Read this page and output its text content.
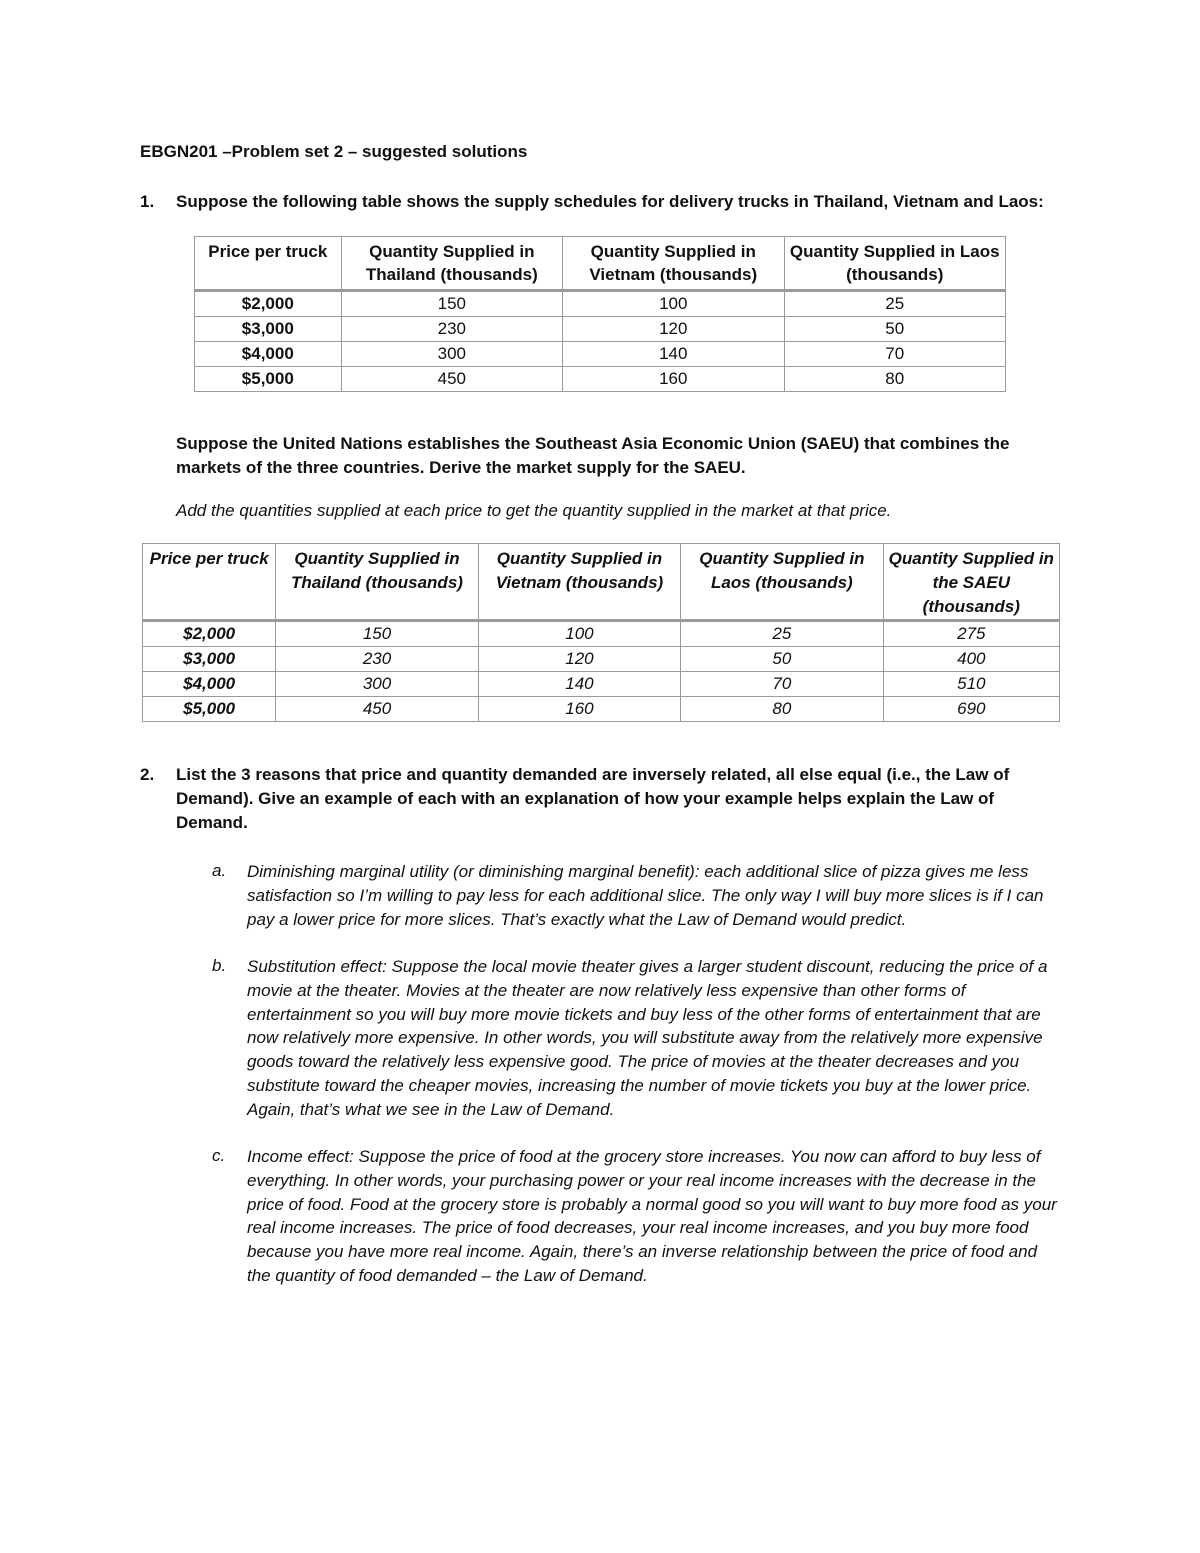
EBGN201 –Problem set 2 – suggested solutions
1. Suppose the following table shows the supply schedules for delivery trucks in Thailand, Vietnam and Laos:
Price per truck	Quantity Supplied in Thailand (thousands)	Quantity Supplied in Vietnam (thousands)	Quantity Supplied in Laos (thousands)
$2,000	150	100	25
$3,000	230	120	50
$4,000	300	140	70
$5,000	450	160	80
Suppose the United Nations establishes the Southeast Asia Economic Union (SAEU) that combines the markets of the three countries. Derive the market supply for the SAEU.
Add the quantities supplied at each price to get the quantity supplied in the market at that price.
Price per truck	Quantity Supplied in Thailand (thousands)	Quantity Supplied in Vietnam (thousands)	Quantity Supplied in Laos (thousands)	Quantity Supplied in the SAEU (thousands)
$2,000	150	100	25	275
$3,000	230	120	50	400
$4,000	300	140	70	510
$5,000	450	160	80	690
2. List the 3 reasons that price and quantity demanded are inversely related, all else equal (i.e., the Law of Demand). Give an example of each with an explanation of how your example helps explain the Law of Demand.
a. Diminishing marginal utility (or diminishing marginal benefit): each additional slice of pizza gives me less satisfaction so I’m willing to pay less for each additional slice. The only way I will buy more slices is if I can pay a lower price for more slices. That’s exactly what the Law of Demand would predict.
b. Substitution effect: Suppose the local movie theater gives a larger student discount, reducing the price of a movie at the theater. Movies at the theater are now relatively less expensive than other forms of entertainment so you will buy more movie tickets and buy less of the other forms of entertainment that are now relatively more expensive. In other words, you will substitute away from the relatively more expensive goods toward the relatively less expensive good. The price of movies at the theater decreases and you substitute toward the cheaper movies, increasing the number of movie tickets you buy at the lower price. Again, that’s what we see in the Law of Demand.
c. Income effect: Suppose the price of food at the grocery store increases. You now can afford to buy less of everything. In other words, your purchasing power or your real income increases with the decrease in the price of food. Food at the grocery store is probably a normal good so you will want to buy more food as your real income increases. The price of food decreases, your real income increases, and you buy more food because you have more real income. Again, there’s an inverse relationship between the price of food and the quantity of food demanded – the Law of Demand.
